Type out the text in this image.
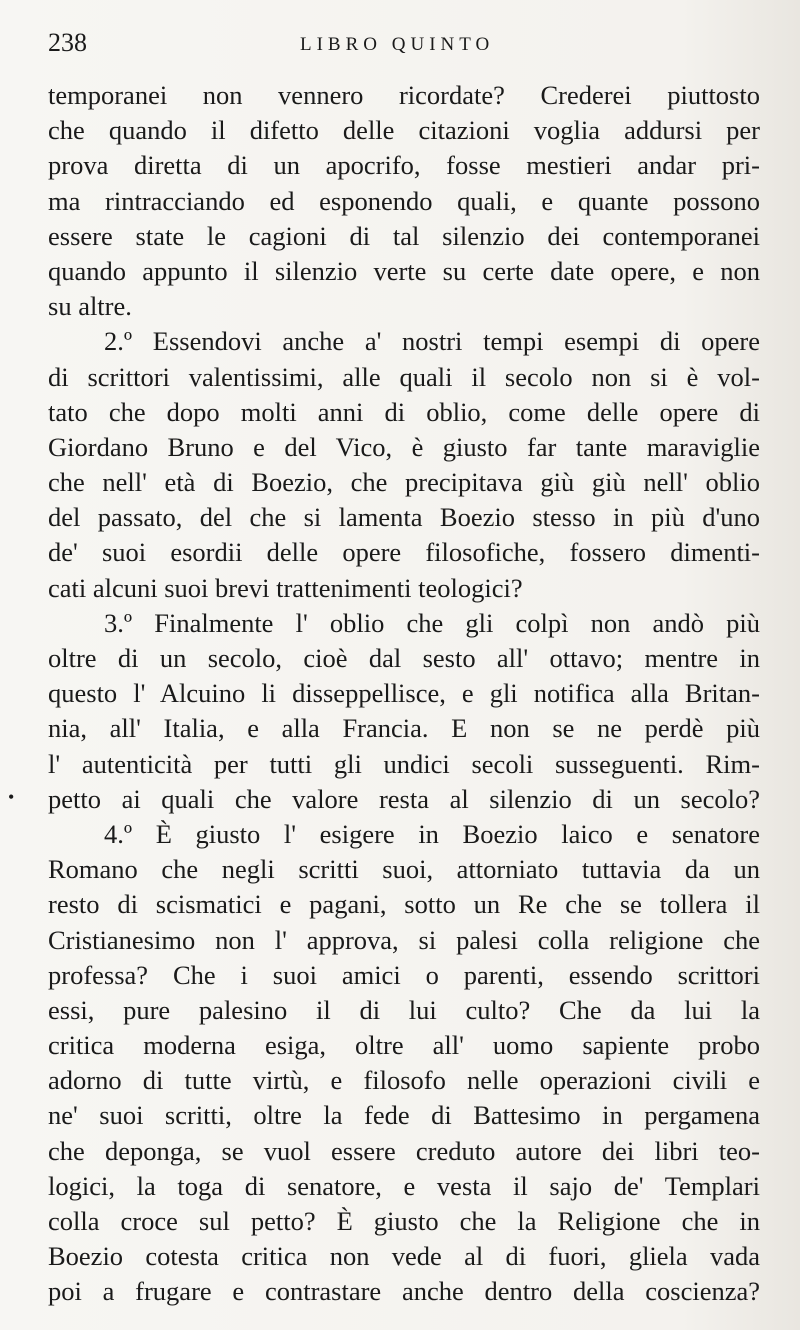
238	LIBRO QUINTO
temporanei non vennero ricordate? Crederei piuttosto
che quando il difetto delle citazioni voglia addursi per
prova diretta di un apocrifo, fosse mestieri andar pri-
ma rintracciando ed esponendo quali, e quante possono
essere state le cagioni di tal silenzio dei contemporanei
quando appunto il silenzio verte su certe date opere, e non
su altre.
2.º Essendovi anche a' nostri tempi esempi di opere
di scrittori valentissimi, alle quali il secolo non si è vol-
tato che dopo molti anni di oblio, come delle opere di
Giordano Bruno e del Vico, è giusto far tante maraviglie
che nell' età di Boezio, che precipitava giù giù nell' oblio
del passato, del che si lamenta Boezio stesso in più d'uno
de' suoi esordii delle opere filosofiche, fossero dimenti-
cati alcuni suoi brevi trattenimenti teologici?
3.º Finalmente l' oblio che gli colpì non andò più
oltre di un secolo, cioè dal sesto all' ottavo; mentre in
questo l' Alcuino li disseppellisce, e gli notifica alla Britan-
nia, all' Italia, e alla Francia. E non se ne perdè più
l' autenticità per tutti gli undici secoli susseguenti. Rim-
petto ai quali che valore resta al silenzio di un secolo?
4.º È giusto l' esigere in Boezio laico e senatore
Romano che negli scritti suoi, attorniato tuttavia da un
resto di scismatici e pagani, sotto un Re che se tollera il
Cristianesimo non l' approva, si palesi colla religione che
professa? Che i suoi amici o parenti, essendo scrittori
essi, pure palesino il di lui culto? Che da lui la
critica moderna esiga, oltre all' uomo sapiente probo
adorno di tutte virtù, e filosofo nelle operazioni civili e
ne' suoi scritti, oltre la fede di Battesimo in pergamena
che deponga, se vuol essere creduto autore dei libri teo-
logici, la toga di senatore, e vesta il sajo de' Templari
colla croce sul petto? È giusto che la Religione che in
Boezio cotesta critica non vede al di fuori, gliela vada
poi a frugare e contrastare anche dentro della coscienza?
•
